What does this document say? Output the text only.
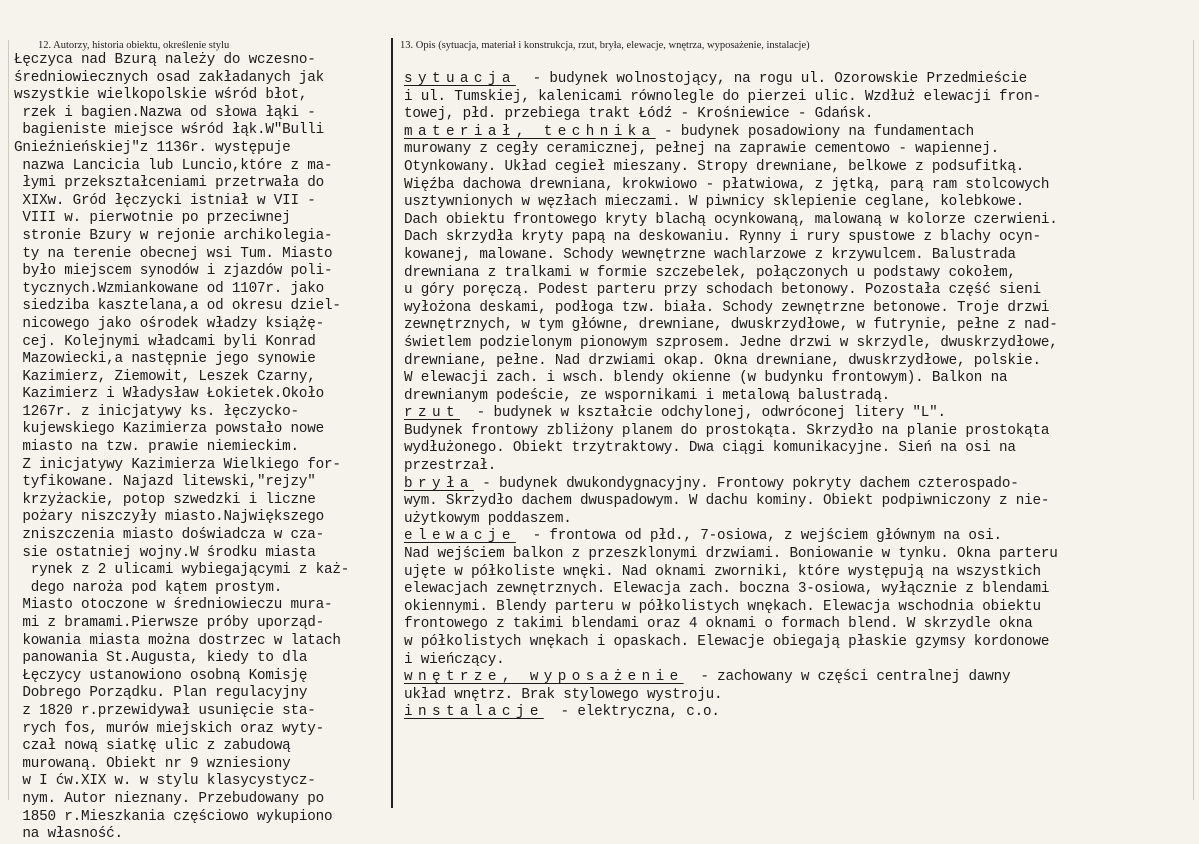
12. Autorzy, historia obiektu, określenie stylu	13. Opis (sytuacja, materiał i konstrukcja, rzut, bryła, elewacje, wnętrza, wyposażenie, instalacje)
Łęczyca nad Bzurą należy do wczesno-
średniowiecznych osad zakładanych jak
wszystkie wielkopolskie wśród błot,
rzek i bagien.Nazwa od słowa łąki -
bagieniste miejsce wśród łąk.W"Bulli
Gnieźnieńskiej"z 1136r. występuje
nazwa Lancicia lub Luncio,które z ma-
łymi przekształceniami przetrwała do
XIXw. Gród łęczycki istniał w VII -
VIII w. pierwotnie po przeciwnej
stronie Bzury w rejonie archikolegia-
ty na terenie obecnej wsi Tum. Miasto
było miejscem synodów i zjazdów poli-
tycznych.Wzmiankowane od 1107r. jako
siedziba kasztelana,a od okresu dziel-
nicowego jako ośrodek władzy książę-
cej. Kolejnymi władcami byli Konrad
Mazowiecki,a następnie jego synowie
Kazimierz, Ziemowit, Leszek Czarny,
Kazimierz i Władysław Łokietek.Około
1267r. z inicjatywy ks. łęczycko-
kujewskiego Kazimierza powstało nowe
miasto na tzw. prawie niemieckim.
Z inicjatywy Kazimierza Wielkiego for-
tyfikowane. Najazd litewski,"rejzy"
krzyżackie, potop szwedzki i liczne
pożary niszczyły miasto.Największego
zniszczenia miasto doświadcza w cza-
sie ostatniej wojny.W środku miasta
rynek z 2 ulicami wybiegającymi z każ-
dego naroża pod kątem prostym.
Miasto otoczone w średniowieczu mura-
mi z bramami.Pierwsze próby uporząd-
kowania miasta można dostrzec w latach
panowania St.Augusta, kiedy to dla
Łęczycy ustanowiono osobną Komisję
Dobrego Porządku. Plan regulacyjny
z 1820 r.przewidywał usunięcie sta-
rych fos, murów miejskich oraz wyty-
czał nową siatkę ulic z zabudową
murowaną. Obiekt nr 9 wzniesiony
w I ćw.XIX w. w stylu klasycystycz-
nym. Autor nieznany. Przebudowany po
1850 r.Mieszkania częściowo wykupiono
na własność.
sytuacja  - budynek wolnostojący, na rogu ul. Ozorowskie Przedmieście
i ul. Tumskiej, kalenicami równolegle do pierzei ulic. Wzdłuż elewacji fron-
towej, płd. przebiega trakt Łódź - Krośniewice - Gdańsk.
materiał, technika - budynek posadowiony na fundamentach
murowany z cegły ceramicznej, pełnej na zaprawie cementowo - wapiennej.
Otynkowany. Układ cegieł mieszany. Stropy drewniane, belkowe z podsufitką.
Więźba dachowa drewniana, krokwiowo - płatwiowa, z jętką, parą ram stolcowych
usztywnionych w węzłach mieczami. W piwnicy sklepienie ceglane, kolebkowe.
Dach obiektu frontowego kryty blachą ocynkowaną, malowaną w kolorze czerwieni.
Dach skrzydła kryty papą na deskowaniu. Rynny i rury spustowe z blachy ocyn-
kowanej, malowane. Schody wewnętrzne wachlarzowe z krzywulcem. Balustrada
drewniana z tralkami w formie szczebelek, połączonych u podstawy cokołem,
u góry poręczą. Podest parteru przy schodach betonowy. Pozostała część sieni
wyłożona deskami, podłoga tzw. biała. Schody zewnętrzne betonowe. Troje drzwi
zewnętrznych, w tym główne, drewniane, dwuskrzydłowe, w futrynie, pełne z nad-
świetlem podzielonym pionowym szprosem. Jedne drzwi w skrzydle, dwuskrzydłowe,
drewniane, pełne. Nad drzwiami okap. Okna drewniane, dwuskrzydłowe, polskie.
W elewacji zach. i wsch. blendy okienne (w budynku frontowym). Balkon na
drewnianym podeście, ze wspornikami i metalową balustradą.
rzut  - budynek w kształcie odchylonej, odwróconej litery "L".
Budynek frontowy zbliżony planem do prostokąta. Skrzydło na planie prostokąta
wydłużonego. Obiekt trzytraktowy. Dwa ciągi komunikacyjne. Sień na osi na
przestrzał.
bryła - budynek dwukondygnacyjny. Frontowy pokryty dachem czterospado-
wym. Skrzydło dachem dwuspadowym. W dachu kominy. Obiekt podpiwniczony z nie-
użytkowym poddaszem.
elewacje  - frontowa od płd., 7-osiowa, z wejściem głównym na osi.
Nad wejściem balkon z przeszklonymi drzwiami. Boniowanie w tynku. Okna parteru
ujęte w półkoliste wnęki. Nad oknami zworniki, które występują na wszystkich
elewacjach zewnętrznych. Elewacja zach. boczna 3-osiowa, wyłącznie z blendami
okiennymi. Blendy parteru w półkolistych wnękach. Elewacja wschodnia obiektu
frontowego z takimi blendami oraz 4 oknami o formach blend. W skrzydle okna
w półkolistych wnękach i opaskach. Elewacje obiegają płaskie gzymsy kordonowe
i wieńczący.
wnętrze, wyposażenie  - zachowany w części centralnej dawny
układ wnętrz. Brak stylowego wystroju.
instalacje  - elektryczna, c.o.
